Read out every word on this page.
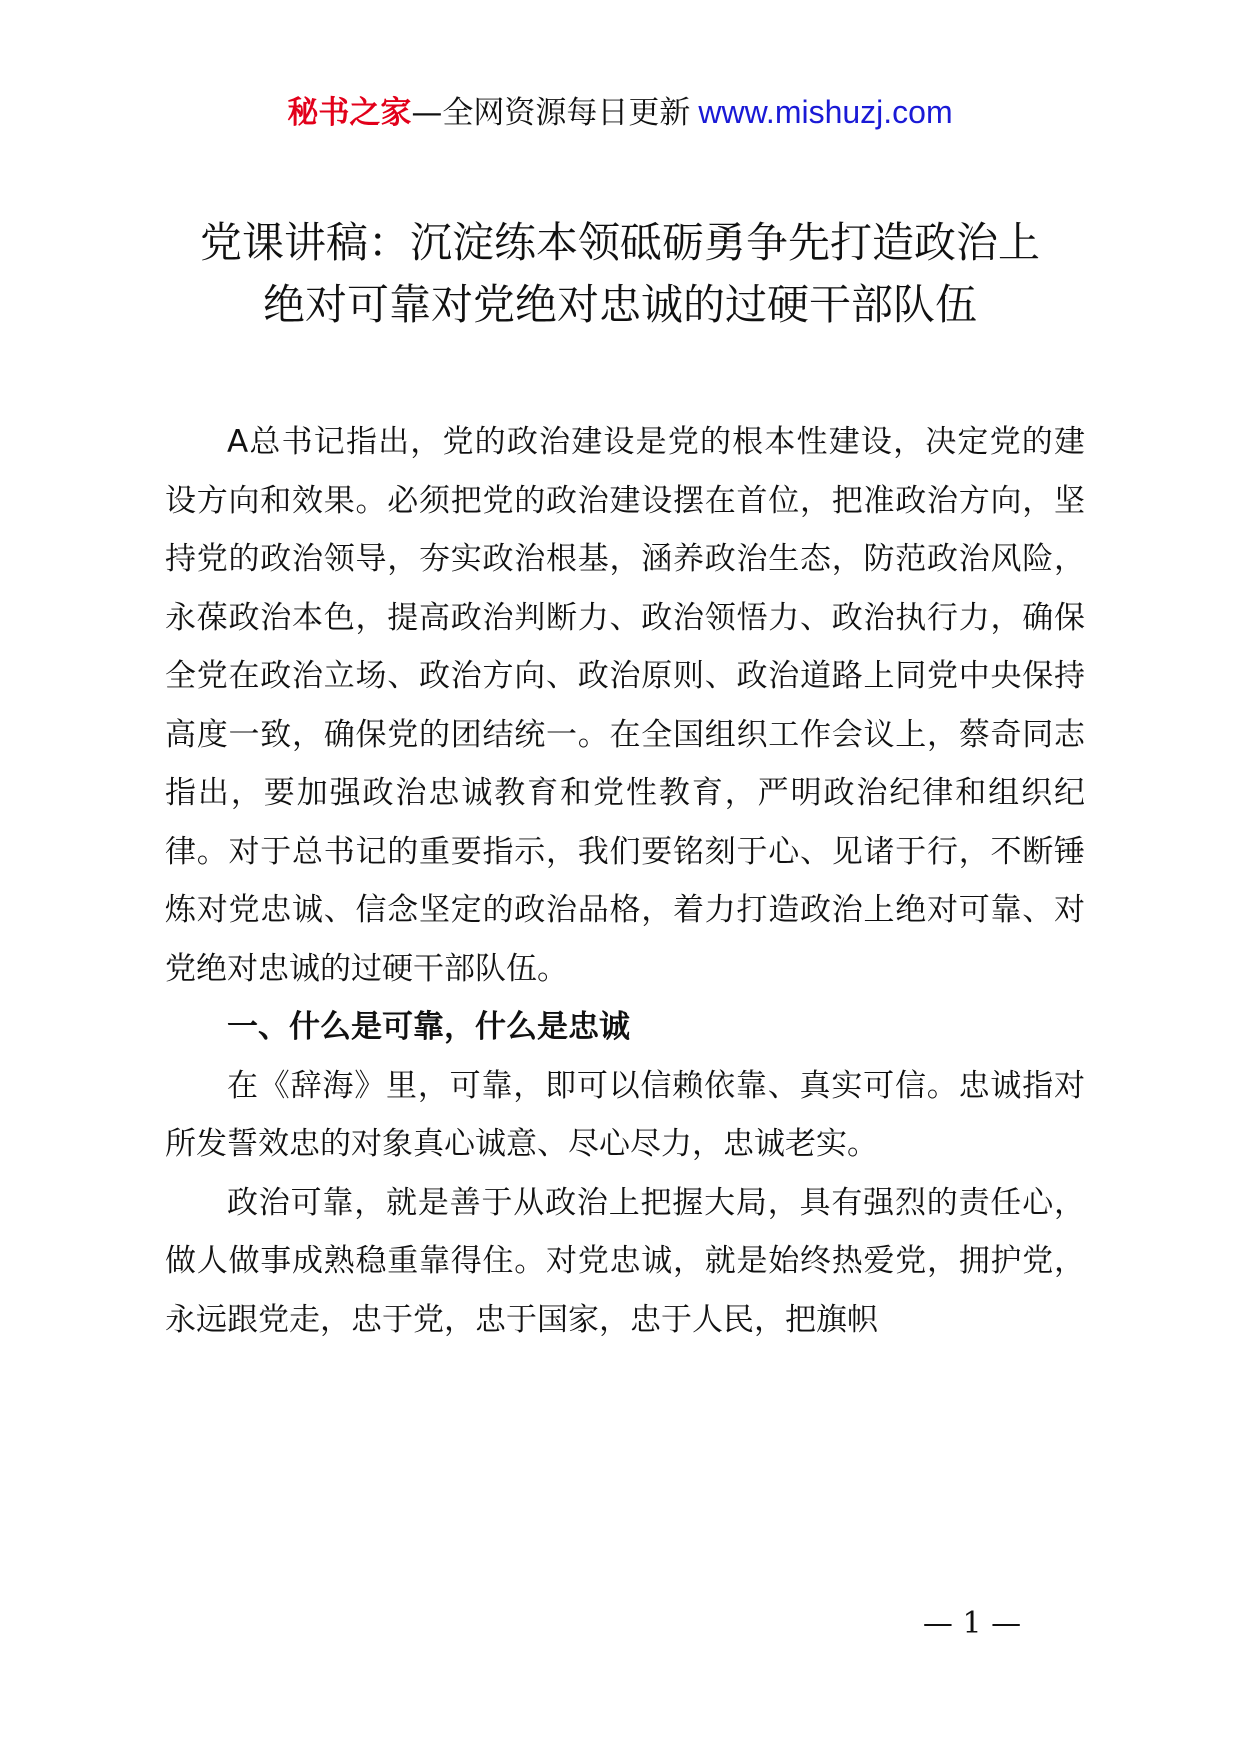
秘书之家—全网资源每日更新 www.mishuzj.com
党课讲稿：沉淀练本领砥砺勇争先打造政治上
绝对可靠对党绝对忠诚的过硬干部队伍

A总书记指出，党的政治建设是党的根本性建设，决定党的建设方向和效果。必须把党的政治建设摆在首位，把准政治方向，坚持党的政治领导，夯实政治根基，涵养政治生态，防范政治风险，永葆政治本色，提高政治判断力、政治领悟力、政治执行力，确保全党在政治立场、政治方向、政治原则、政治道路上同党中央保持高度一致，确保党的团结统一。在全国组织工作会议上，蔡奇同志指出，要加强政治忠诚教育和党性教育，严明政治纪律和组织纪律。对于总书记的重要指示，我们要铭刻于心、见诸于行，不断锤炼对党忠诚、信念坚定的政治品格，着力打造政治上绝对可靠、对党绝对忠诚的过硬干部队伍。

一、什么是可靠，什么是忠诚

在《辞海》里，可靠，即可以信赖依靠、真实可信。忠诚指对所发誓效忠的对象真心诚意、尽心尽力，忠诚老实。

政治可靠，就是善于从政治上把握大局，具有强烈的责任心，做人做事成熟稳重靠得住。对党忠诚，就是始终热爱党，拥护党，永远跟党走，忠于党，忠于国家，忠于人民，把旗帜

— 1 —
